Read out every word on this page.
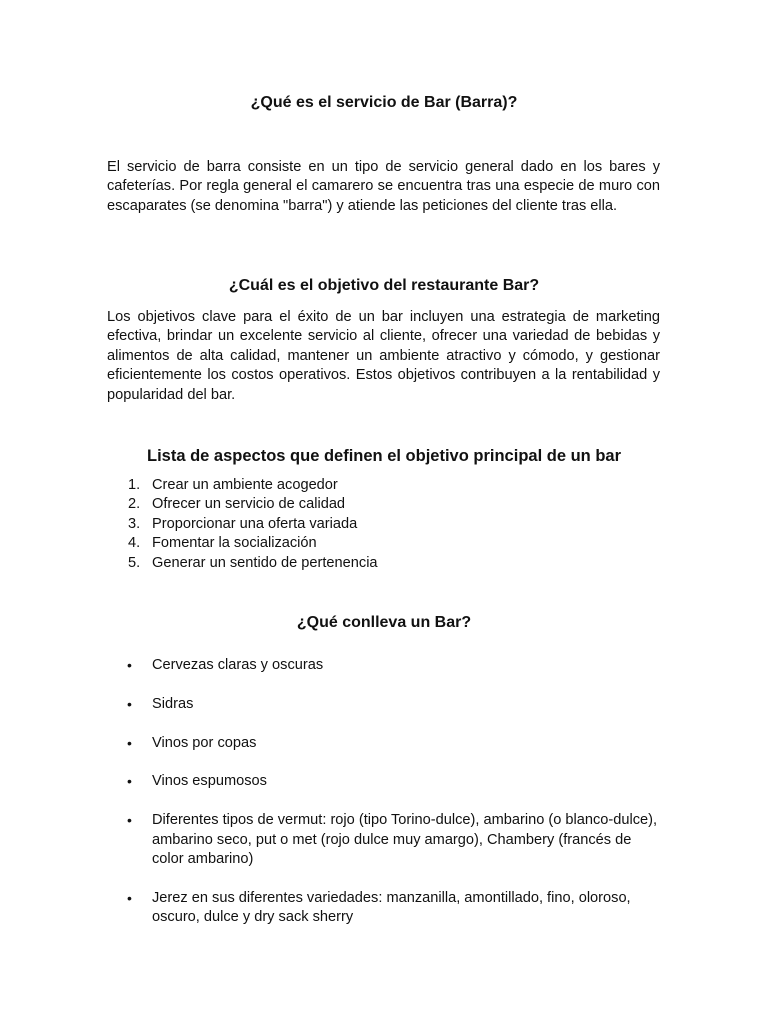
¿Qué es el servicio de Bar (Barra)?

El servicio de barra consiste en un tipo de servicio general dado en los bares y cafeterías. Por regla general el camarero se encuentra tras una especie de muro con escaparates (se denomina "barra") y atiende las peticiones del cliente tras ella.

¿Cuál es el objetivo del restaurante Bar?

Los objetivos clave para el éxito de un bar incluyen una estrategia de marketing efectiva, brindar un excelente servicio al cliente, ofrecer una variedad de bebidas y alimentos de alta calidad, mantener un ambiente atractivo y cómodo, y gestionar eficientemente los costos operativos. Estos objetivos contribuyen a la rentabilidad y popularidad del bar.

Lista de aspectos que definen el objetivo principal de un bar
1. Crear un ambiente acogedor
2. Ofrecer un servicio de calidad
3. Proporcionar una oferta variada
4. Fomentar la socialización
5. Generar un sentido de pertenencia
¿Qué conlleva un Bar?
• Cervezas claras y oscuras
• Sidras
• Vinos por copas
• Vinos espumosos
• Diferentes tipos de vermut: rojo (tipo Torino-dulce), ambarino (o blanco-dulce), ambarino seco, put o met (rojo dulce muy amargo), Chambery (francés de color ambarino)
• Jerez en sus diferentes variedades: manzanilla, amontillado, fino, oloroso, oscuro, dulce y dry sack sherry
